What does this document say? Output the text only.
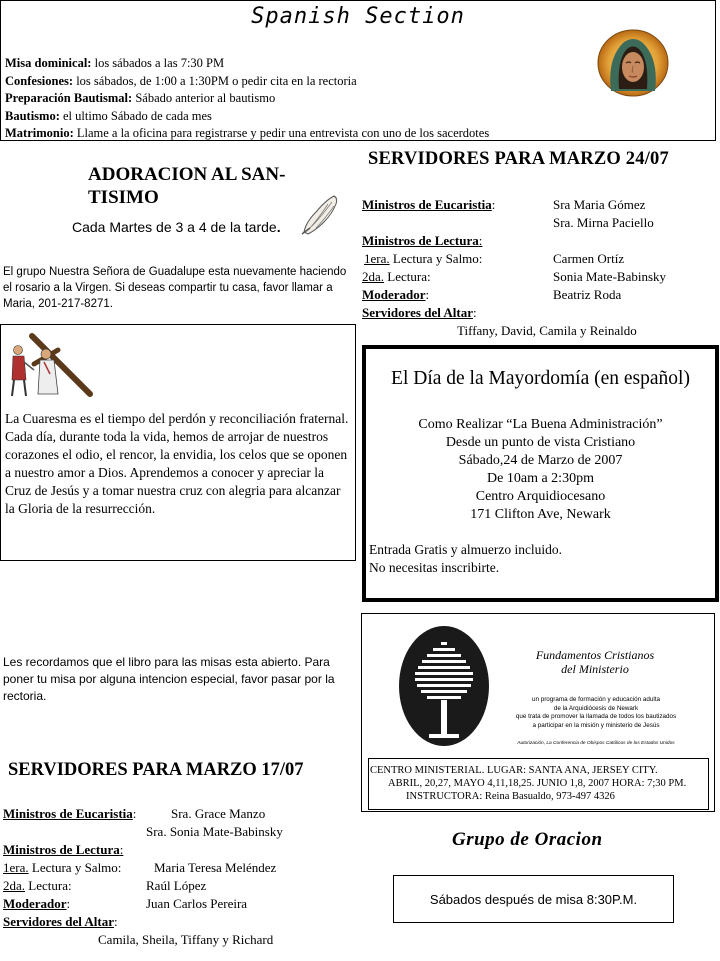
Spanish Section
Misa dominical: los sábados a las 7:30 PM
Confesiones: los sábados, de 1:00 a 1:30PM o pedir cita en la rectoria
Preparación Bautismal: Sábado anterior al bautismo
Bautismo: el ultimo Sábado de cada mes
Matrimonio: Llame a la oficina para registrarse y pedir una entrevista con uno de los sacerdotes
ADORACION AL SAN-TISIMO
Cada Martes de 3 a 4 de la tarde.
El grupo Nuestra Señora de Guadalupe esta nuevamente haciendo el rosario a la Virgen. Si deseas compartir tu casa, favor llamar a Maria, 201-217-8271.
La Cuaresma es el tiempo del perdón y reconciliación fraternal. Cada día, durante toda la vida, hemos de arrojar de nuestros corazones el odio, el rencor, la envidia, los celos que se oponen a nuestro amor a Dios. Aprendemos a conocer y apreciar la Cruz de Jesús y a tomar nuestra cruz con alegria para alcanzar la Gloria de la resurrección.
SERVIDORES PARA MARZO 24/07
Ministros de Eucaristia:	Sra Maria Gómez
Sra. Mirna Paciello
Ministros de Lectura:
1era. Lectura y Salmo:	Carmen Ortíz
2da. Lectura:	Sonia Mate-Babinsky
Moderador:	Beatriz Roda
Servidores del Altar:
Tiffany, David, Camila y Reinaldo
El Día de la Mayordomía (en español)
Como Realizar “La Buena Administración”
Desde un punto de vista Cristiano
Sábado,24 de Marzo de 2007
De 10am a 2:30pm
Centro Arquidiocesano
171 Clifton Ave, Newark
Entrada Gratis y almuerzo incluido.
No necesitas inscribirte.
Les recordamos que el libro para las misas esta abierto. Para poner tu misa por alguna intencion especial, favor pasar por la rectoria.
SERVIDORES PARA MARZO 17/07
Ministros de Eucaristia:	Sra. Grace Manzo
Sra. Sonia Mate-Babinsky
Ministros de Lectura:
1era. Lectura y Salmo:	Maria Teresa Meléndez
2da. Lectura:	Raúl López
Moderador:	Juan Carlos Pereira
Servidores del Altar:
Camila, Sheila, Tiffany y Richard
Fundamentos Cristianos
del Ministerio
un programa de formación y educación adulta
de la Arquidiócesis de Newark
que trata de promover la llamada de todos los bautizados
a participar en la misión y ministerio de Jesús
Autorización, La Conferencia de Obispos Católicos de los Estados Unidos
CENTRO MINISTERIAL. LUGAR: SANTA ANA, JERSEY CITY.
ABRIL, 20,27, MAYO 4,11,18,25. JUNIO 1,8, 2007 HORA: 7;30 PM.
INSTRUCTORA: Reina Basualdo, 973-497 4326
Grupo de Oracion
Sábados después de misa 8:30P.M.
